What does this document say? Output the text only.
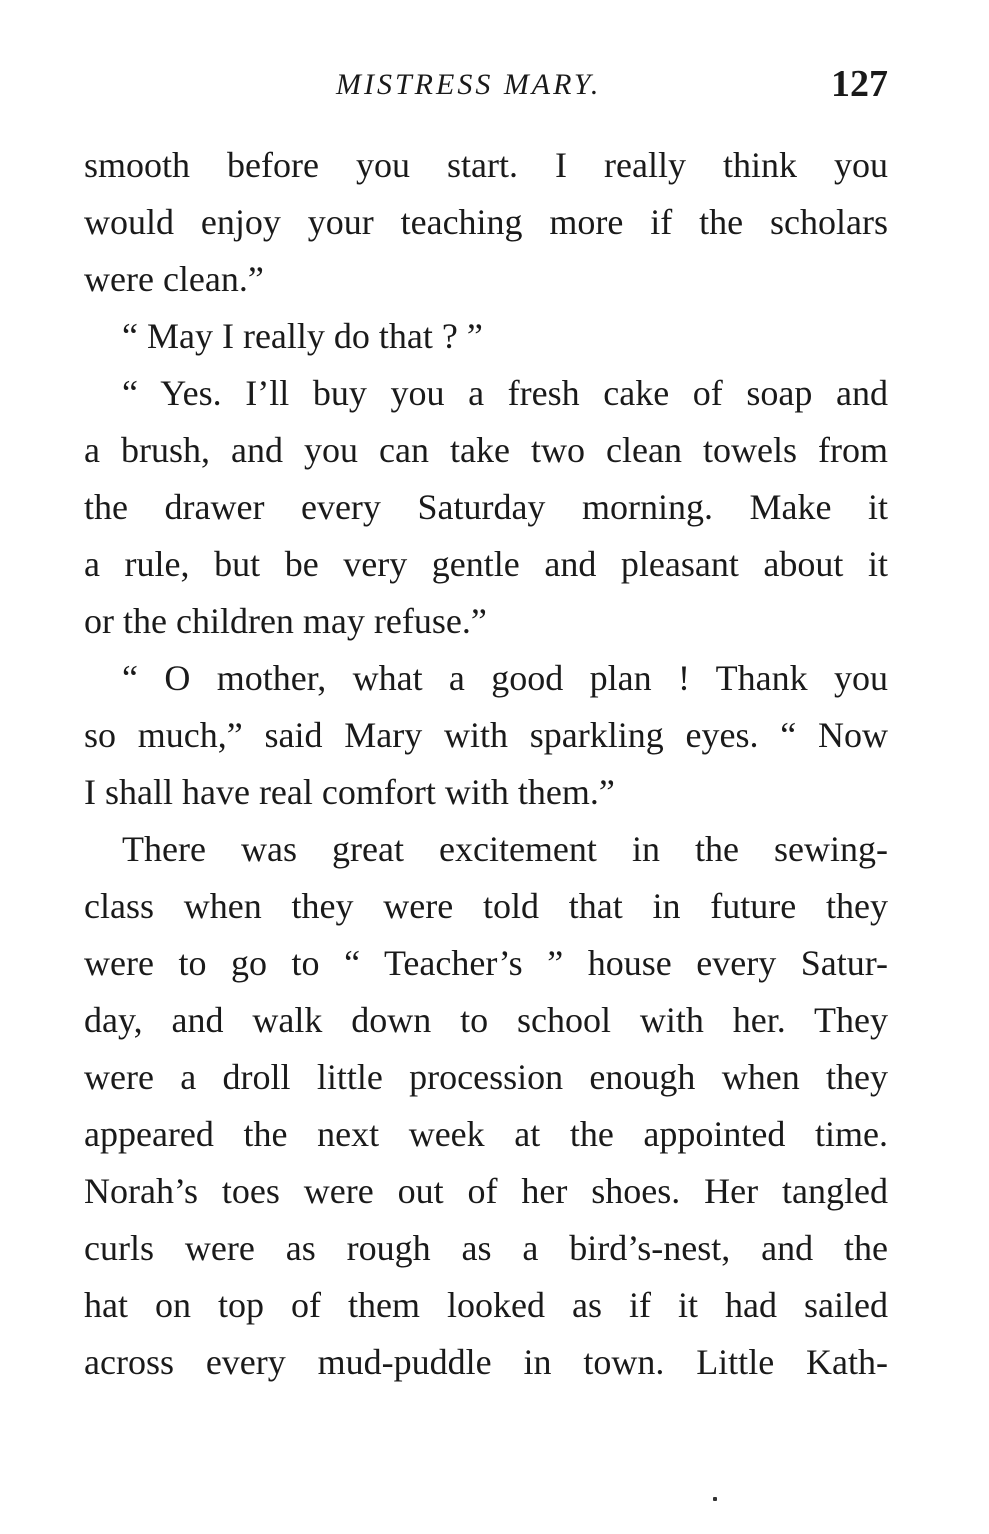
MISTRESS MARY.	127
smooth before you start. I really think you
would enjoy your teaching more if the scholars
were clean.”
“ May I really do that ? ”
“ Yes. I’ll buy you a fresh cake of soap and
a brush, and you can take two clean towels from
the drawer every Saturday morning. Make it
a rule, but be very gentle and pleasant about it
or the children may refuse.”
“ O mother, what a good plan ! Thank you
so much,” said Mary with sparkling eyes. “ Now
I shall have real comfort with them.”
There was great excitement in the sewing-
class when they were told that in future they
were to go to “ Teacher’s ” house every Satur-
day, and walk down to school with her. They
were a droll little procession enough when they
appeared the next week at the appointed time.
Norah’s toes were out of her shoes. Her tangled
curls were as rough as a bird’s-nest, and the
hat on top of them looked as if it had sailed
across every mud-puddle in town. Little Kath-
